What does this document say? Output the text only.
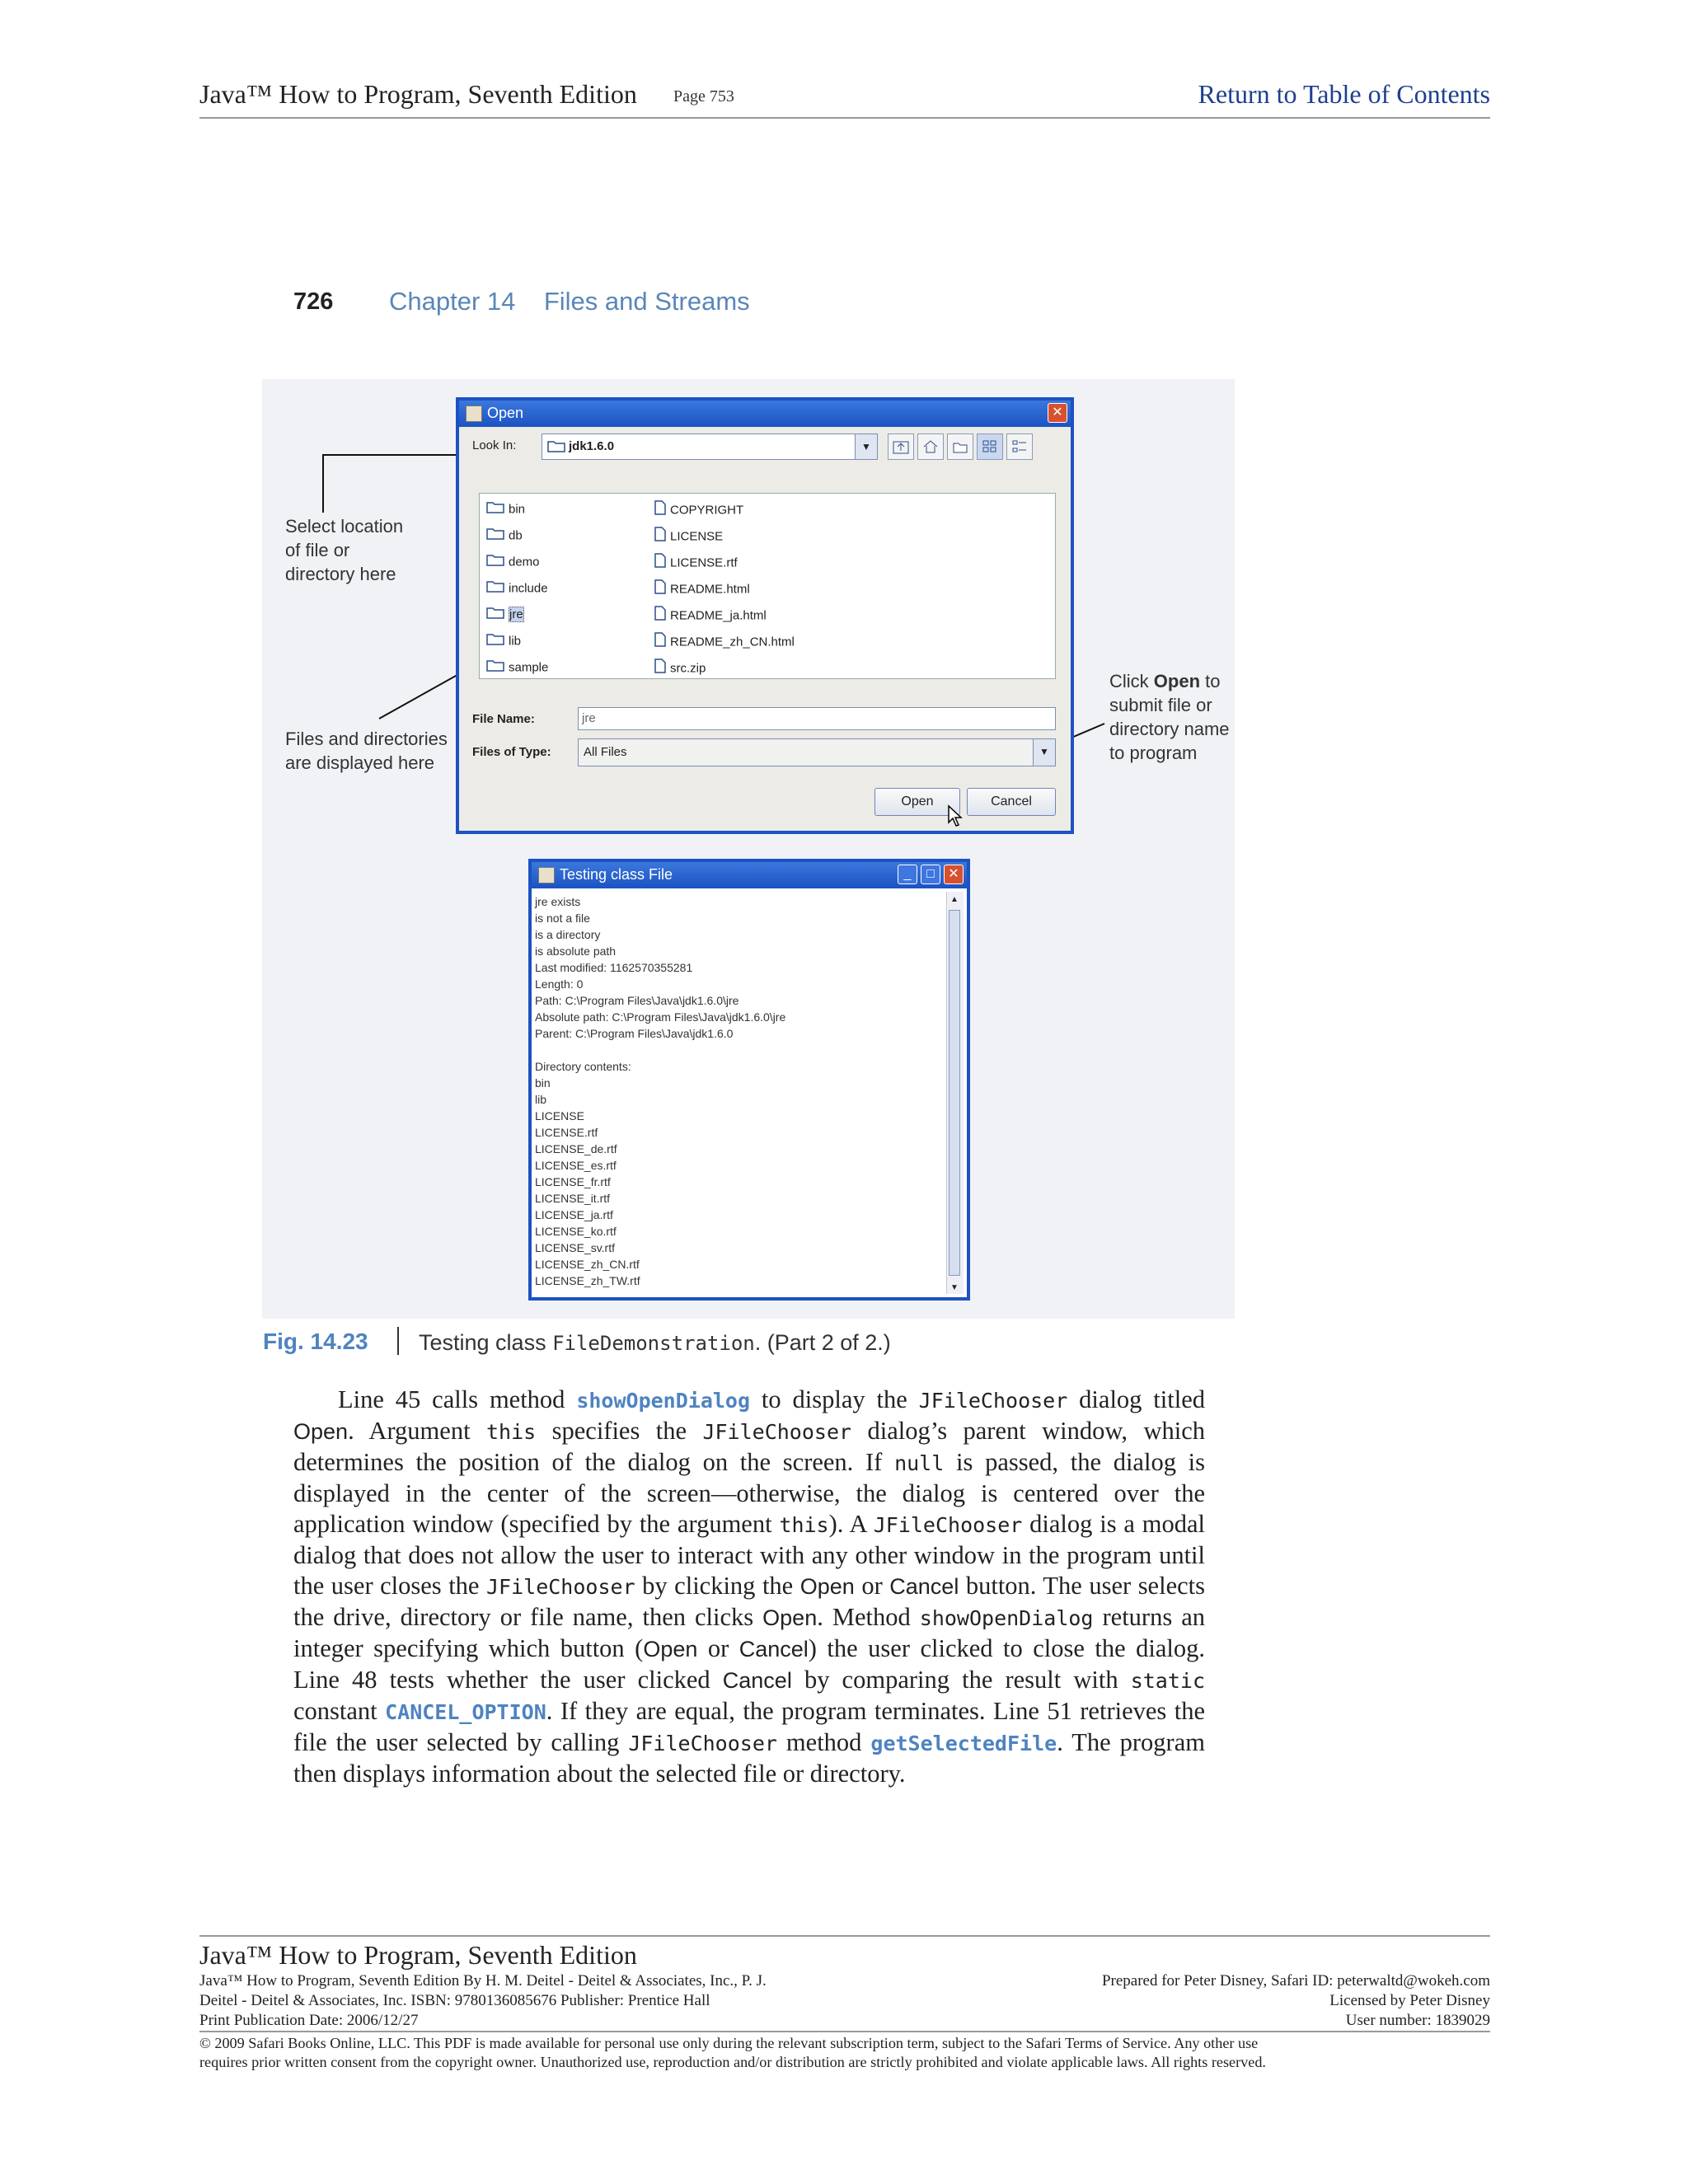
Java™ How to Program, Seventh Edition Page 753	Return to Table of Contents
726 Chapter 14    Files and Streams
Select location
of file or
directory here
Files and directories
are displayed here
Click Open to
submit file or
directory name
to program
Open	✕
Look In:	jdk1.6.0	▼
bin
db
demo
include
jre
lib
sample
COPYRIGHT
LICENSE
LICENSE.rtf
README.html
README_ja.html
README_zh_CN.html
src.zip
File Name:	jre
Files of Type:	All Files	▼
Open	Cancel
Testing class File	_	□	✕
jre exists
is not a file
is a directory
is absolute path
Last modified: 1162570355281
Length: 0
Path: C:\Program Files\Java\jdk1.6.0\jre
Absolute path: C:\Program Files\Java\jdk1.6.0\jre
Parent: C:\Program Files\Java\jdk1.6.0
Directory contents:
bin
lib
LICENSE
LICENSE.rtf
LICENSE_de.rtf
LICENSE_es.rtf
LICENSE_fr.rtf
LICENSE_it.rtf
LICENSE_ja.rtf
LICENSE_ko.rtf
LICENSE_sv.rtf
LICENSE_zh_CN.rtf
LICENSE_zh_TW.rtf
▲
▼
Fig. 14.23 Testing class FileDemonstration. (Part 2 of 2.)
Line 45 calls method showOpenDialog to display the JFileChooser dialog titled Open. Argument this specifies the JFileChooser dialog’s parent window, which determines the position of the dialog on the screen. If null is passed, the dialog is displayed in the center of the screen—otherwise, the dialog is centered over the application window (specified by the argument this). A JFileChooser dialog is a modal dialog that does not allow the user to interact with any other window in the program until the user closes the JFileChooser by clicking the Open or Cancel button. The user selects the drive, directory or file name, then clicks Open. Method showOpenDialog returns an integer specifying which button (Open or Cancel) the user clicked to close the dialog. Line 48 tests whether the user clicked Cancel by comparing the result with static constant CANCEL_OPTION. If they are equal, the program terminates. Line 51 retrieves the file the user selected by calling JFileChooser method getSelectedFile. The program then displays information about the selected file or directory.
Java™ How to Program, Seventh Edition
Java™ How to Program, Seventh Edition By H. M. Deitel - Deitel & Associates, Inc., P. J.
Deitel - Deitel & Associates, Inc. ISBN: 9780136085676 Publisher: Prentice Hall
Print Publication Date: 2006/12/27
Prepared for Peter Disney, Safari ID: peterwaltd@wokeh.com
Licensed by Peter Disney
User number: 1839029
© 2009 Safari Books Online, LLC. This PDF is made available for personal use only during the relevant subscription term, subject to the Safari Terms of Service. Any other use
requires prior written consent from the copyright owner. Unauthorized use, reproduction and/or distribution are strictly prohibited and violate applicable laws. All rights reserved.
